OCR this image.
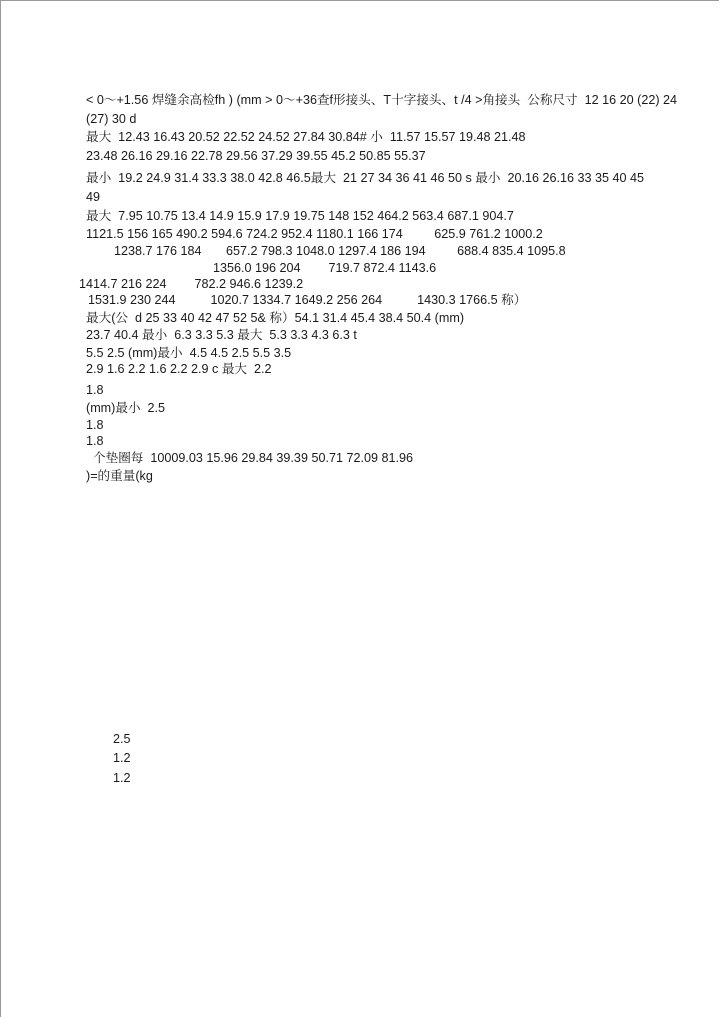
< 0～+1.56 焊缝余高检fh ) (mm > 0～+36查f形接头、T十字接头、t /4 >角接头  公称尺寸  12 16 20 (22) 24
(27) 30 d
最大  12.43 16.43 20.52 22.52 24.52 27.84 30.84# 小  11.57 15.57 19.48 21.48
23.48 26.16 29.16 22.78 29.56 37.29 39.55 45.2 50.85 55.37
最小  19.2 24.9 31.4 33.3 38.0 42.8 46.5最大  21 27 34 36 41 46 50 s 最小  20.16 26.16 33 35 40 45
49
最大  7.95 10.75 13.4 14.9 15.9 17.9 19.75 148 152 464.2 563.4 687.1 904.7
1121.5 156 165 490.2 594.6 724.2 952.4 1180.1 166 174         625.9 761.2 1000.2
1238.7 176 184       657.2 798.3 1048.0 1297.4 186 194         688.4 835.4 1095.8
1356.0 196 204        719.7 872.4 1143.6
1414.7 216 224        782.2 946.6 1239.2
1531.9 230 244          1020.7 1334.7 1649.2 256 264          1430.3 1766.5 称）
最大(公  d 25 33 40 42 47 52 5& 称）54.1 31.4 45.4 38.4 50.4 (mm)
23.7 40.4 最小  6.3 3.3 5.3 最大  5.3 3.3 4.3 6.3 t
5.5 2.5 (mm)最小  4.5 4.5 2.5 5.5 3.5
2.9 1.6 2.2 1.6 2.2 2.9 c 最大  2.2
1.8
(mm)最小  2.5
1.8
1.8
个垫圈每  10009.03 15.96 29.84 39.39 50.71 72.09 81.96
)=的重量(kg
2.5
1.2
1.2
